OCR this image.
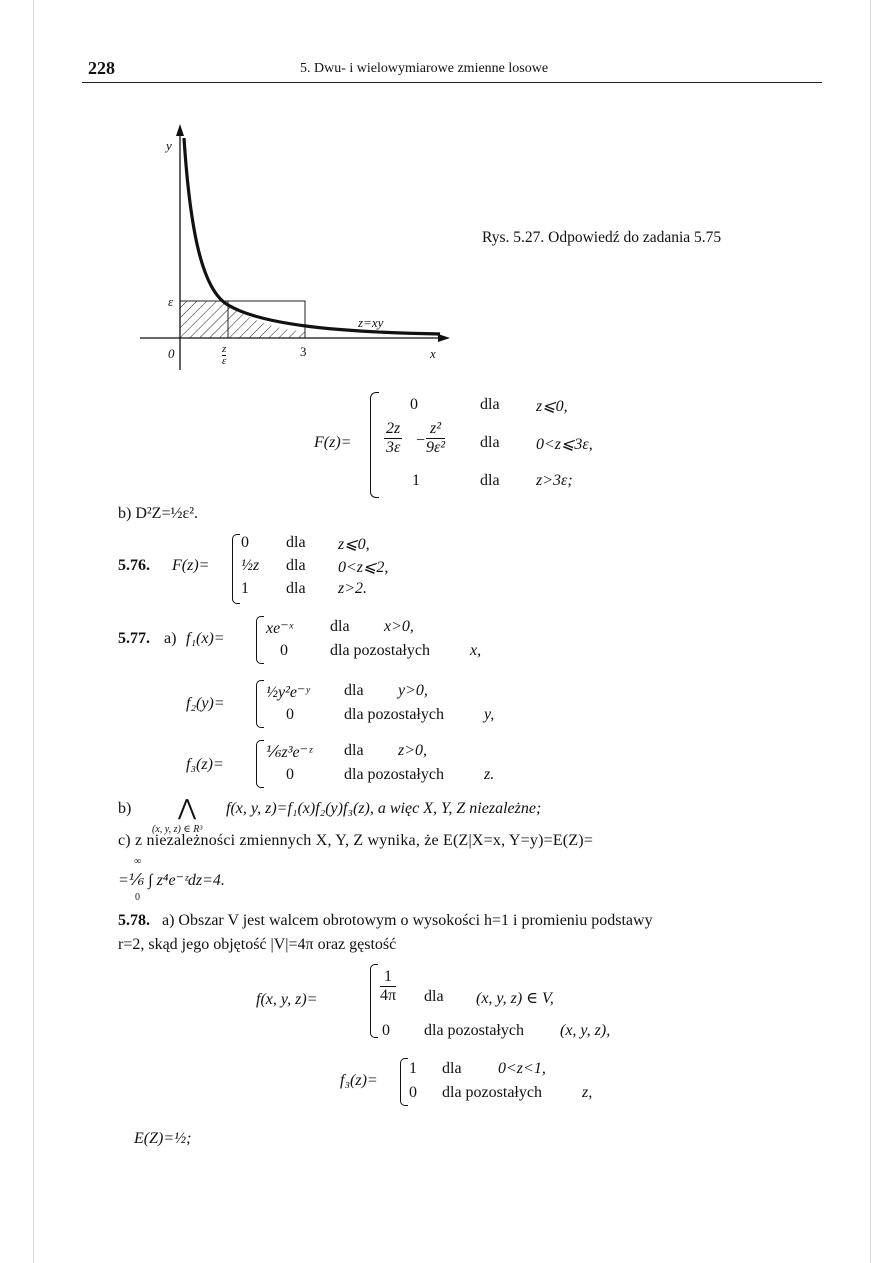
228	5. Dwu- i wielowymiarowe zmienne losowe
y
x
0
ε
3
z
ε
z=xy
Rys. 5.27. Odpowiedź do zadania 5.75
F(z)=
0	dla z⩽0,
$\frac{2z}{3\varepsilon} - \frac{\text{z²}}{\text{9ε²}}$ dla 0<z⩽3ε,
1	dla z>3ε;
b) D²Z=½ε².
5.76. F(z)=
0 dla z⩽0,
½z dla 0<z⩽2,
1 dla z>2.
5.77. a) f₁(x)=
xe⁻ˣ dla x>0,
0	dla pozostałych	x,
f₂(y)=
½y²e⁻ʸ dla y>0,
0	dla pozostałych	y,
f₃(z)=
⅙z³e⁻ᶻ dla z>0,
0	dla pozostałych	z.
b) ⋀ f(x, y, z)=f₁(x)f₂(y)f₃(z), a więc X, Y, Z niezależne;
(x, y, z) ∈ R³
c) z niezależności zmiennych X, Y, Z wynika, że E(Z|X=x, Y=y)=E(Z)=
∞
=⅙ ∫ z⁴e⁻ᶻdz=4.
0
5.78. a) Obszar V jest walcem obrotowym o wysokości h=1 i promieniu podstawy
r=2, skąd jego objętość |V|=4π oraz gęstość
f(x, y, z)=	$\frac{1}{4\pi}$ dla (x, y, z) ∈ V,
0 dla pozostałych (x, y, z),
f₃(z)=
1 dla 0<z<1,
0 dla pozostałych	z,
E(Z)=½;
